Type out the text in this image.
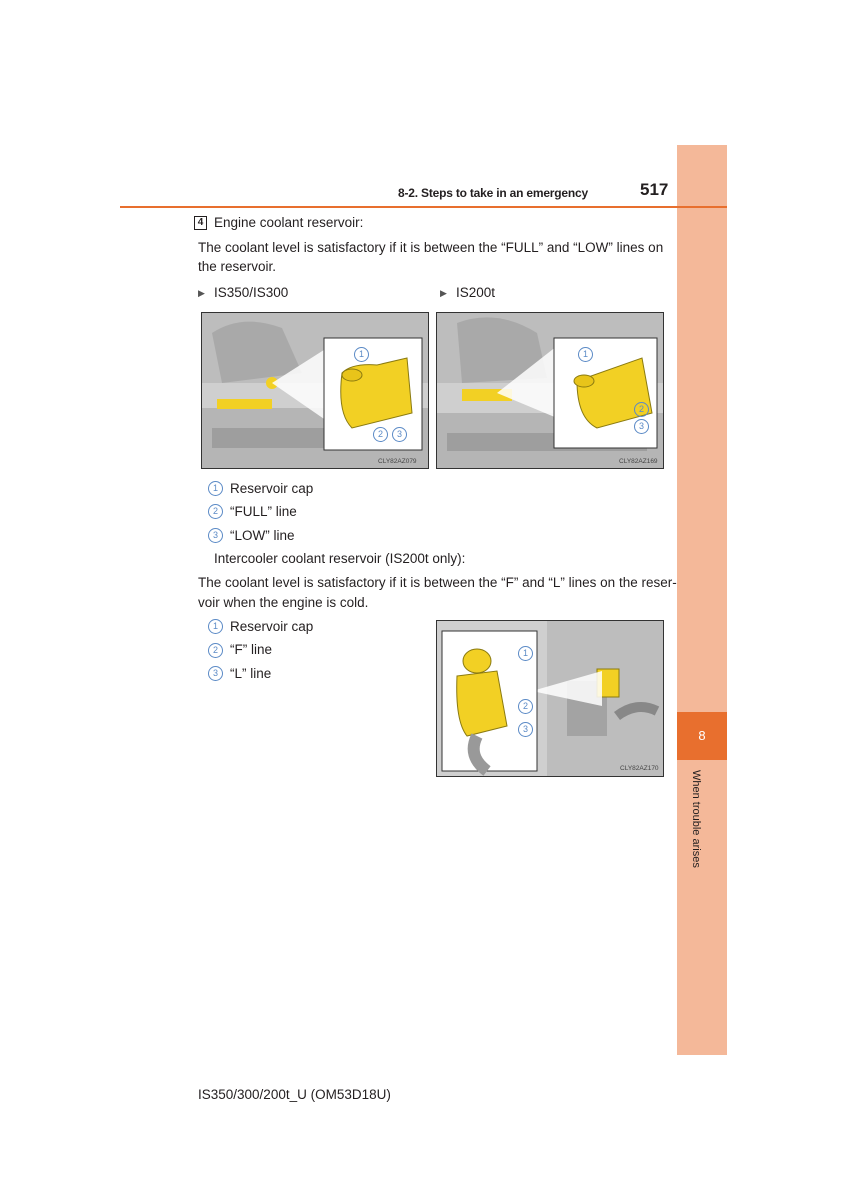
8
When trouble arises
8-2. Steps to take in an emergency	517
4 Engine coolant reservoir:
The coolant level is satisfactory if it is between the “FULL” and “LOW” lines on
the reservoir.
▶ IS350/IS300	▶ IS200t
1
2	3
CLY82AZ079
1
2
3
CLY82AZ169
1 Reservoir cap
2 “FULL” line
3 “LOW” line
Intercooler coolant reservoir (IS200t only):
The coolant level is satisfactory if it is between the “F” and “L” lines on the reser-
voir when the engine is cold.
1 Reservoir cap
2 “F” line
3 “L” line
1
2
3
CLY82AZ170
IS350/300/200t_U (OM53D18U)
